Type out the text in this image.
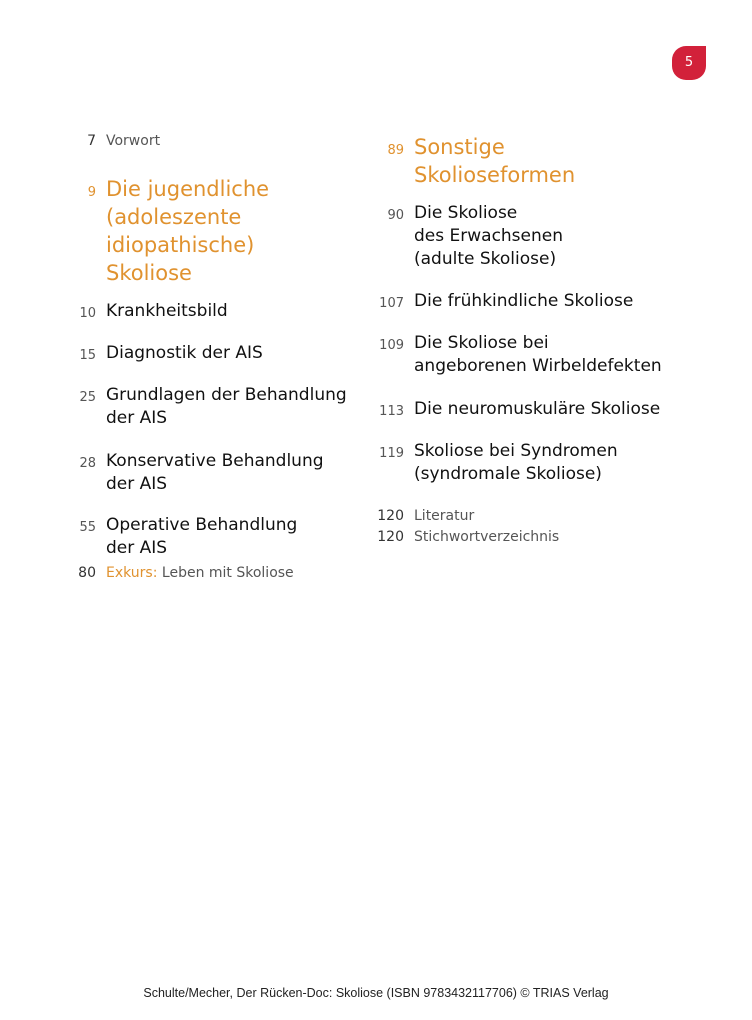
5
7 Vorwort
9 Die jugendliche
(adoleszente
idiopathische)
Skoliose
10 Krankheitsbild
15 Diagnostik der AIS
25 Grundlagen der Behandlung
der AIS
28 Konservative Behandlung
der AIS
55 Operative Behandlung
der AIS
80 Exkurs: Leben mit Skoliose
89 Sonstige
Skolioseformen
90 Die Skoliose
des Erwachsenen
(adulte Skoliose)
107 Die frühkindliche Skoliose
109 Die Skoliose bei
angeborenen Wirbeldefekten
113 Die neuromuskuläre Skoliose
119 Skoliose bei Syndromen
(syndromale Skoliose)
120 Literatur
120 Stichwortverzeichnis
Schulte/Mecher, Der Rücken-Doc: Skoliose (ISBN 9783432117706) © TRIAS Verlag
